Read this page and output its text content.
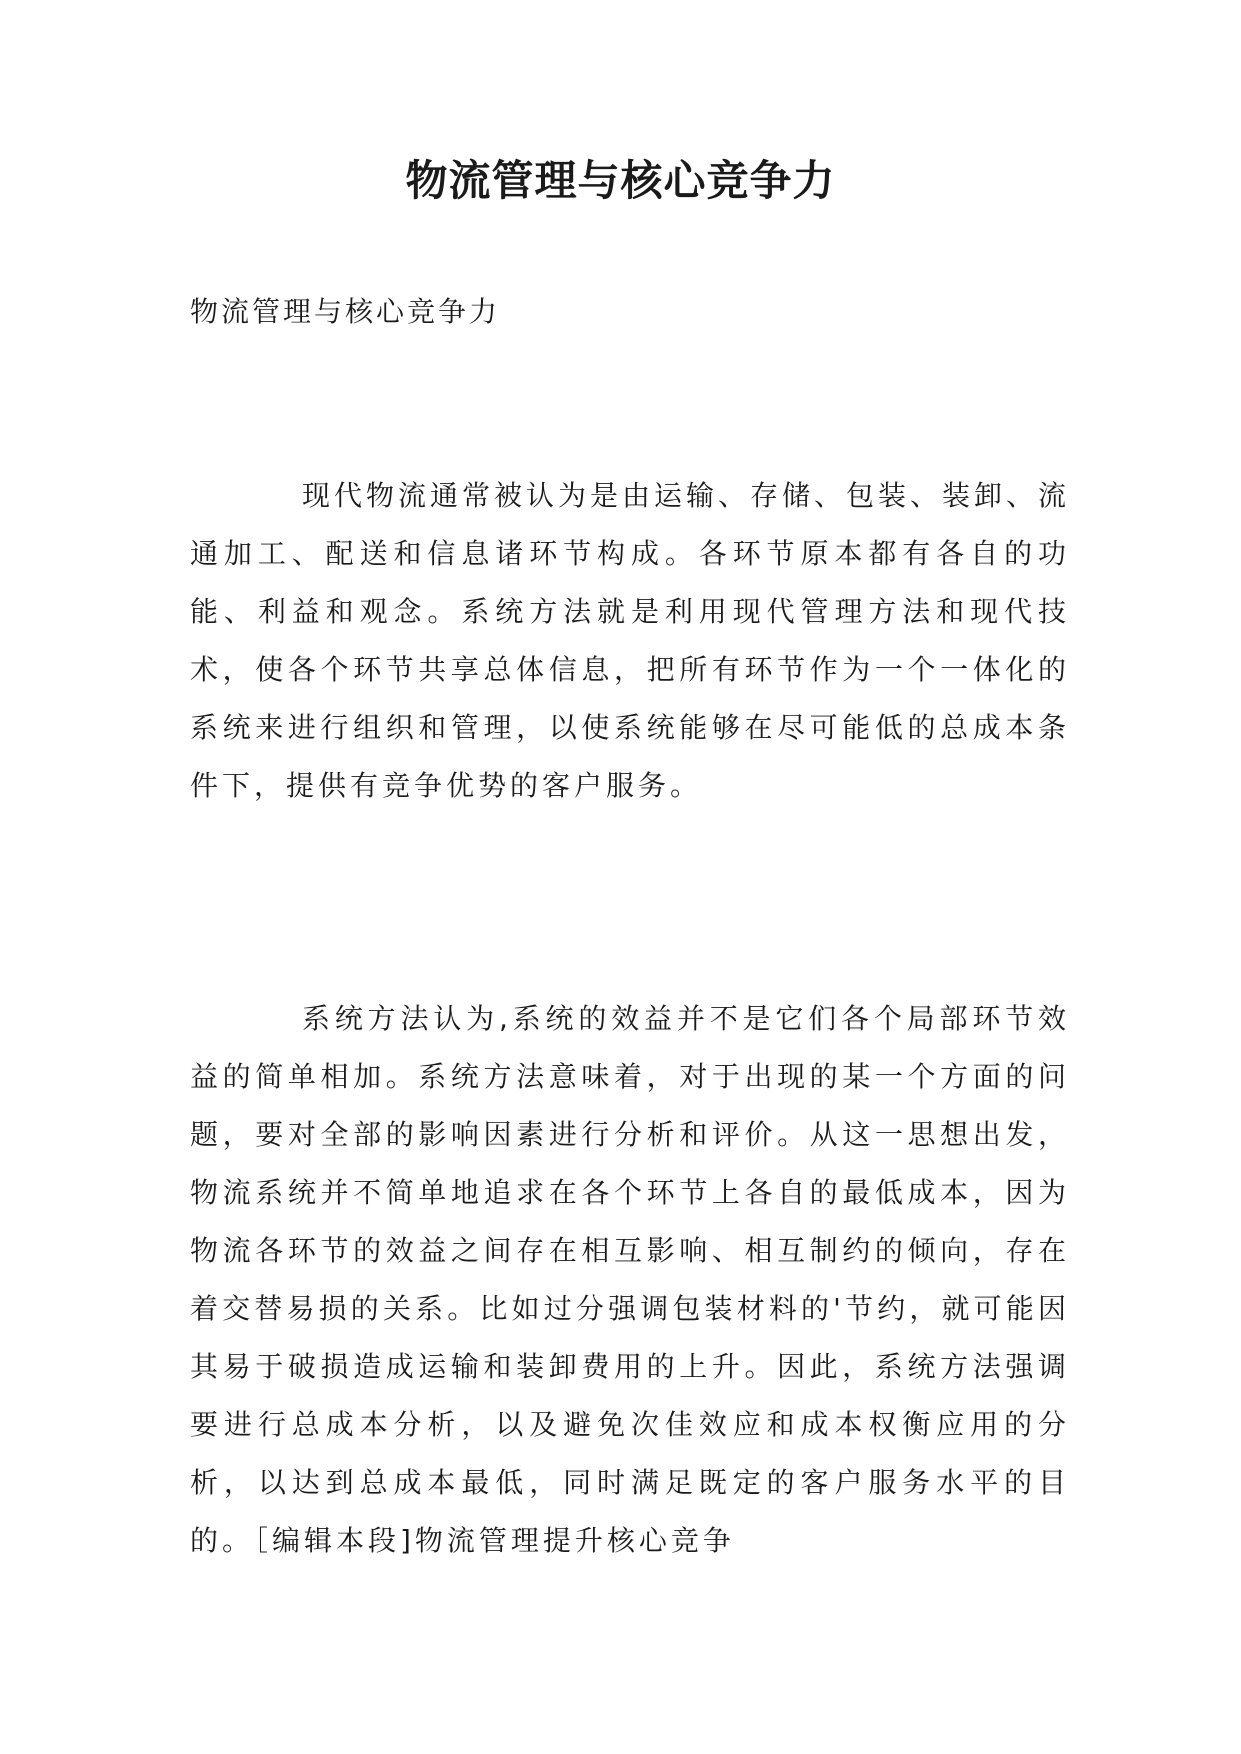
物流管理与核心竞争力

物流管理与核心竞争力

现代物流通常被认为是由运输、存储、包装、装卸、流通加工、配送和信息诸环节构成。各环节原本都有各自的功能、利益和观念。系统方法就是利用现代管理方法和现代技术，使各个环节共享总体信息，把所有环节作为一个一体化的系统来进行组织和管理，以使系统能够在尽可能低的总成本条件下，提供有竞争优势的客户服务。

系统方法认为,系统的效益并不是它们各个局部环节效益的简单相加。系统方法意味着，对于出现的某一个方面的问题，要对全部的影响因素进行分析和评价。从这一思想出发，物流系统并不简单地追求在各个环节上各自的最低成本，因为物流各环节的效益之间存在相互影响、相互制约的倾向，存在着交替易损的关系。比如过分强调包装材料的'节约，就可能因其易于破损造成运输和装卸费用的上升。因此，系统方法强调要进行总成本分析，以及避免次佳效应和成本权衡应用的分析，以达到总成本最低，同时满足既定的客户服务水平的目的。［编辑本段]物流管理提升核心竞争
